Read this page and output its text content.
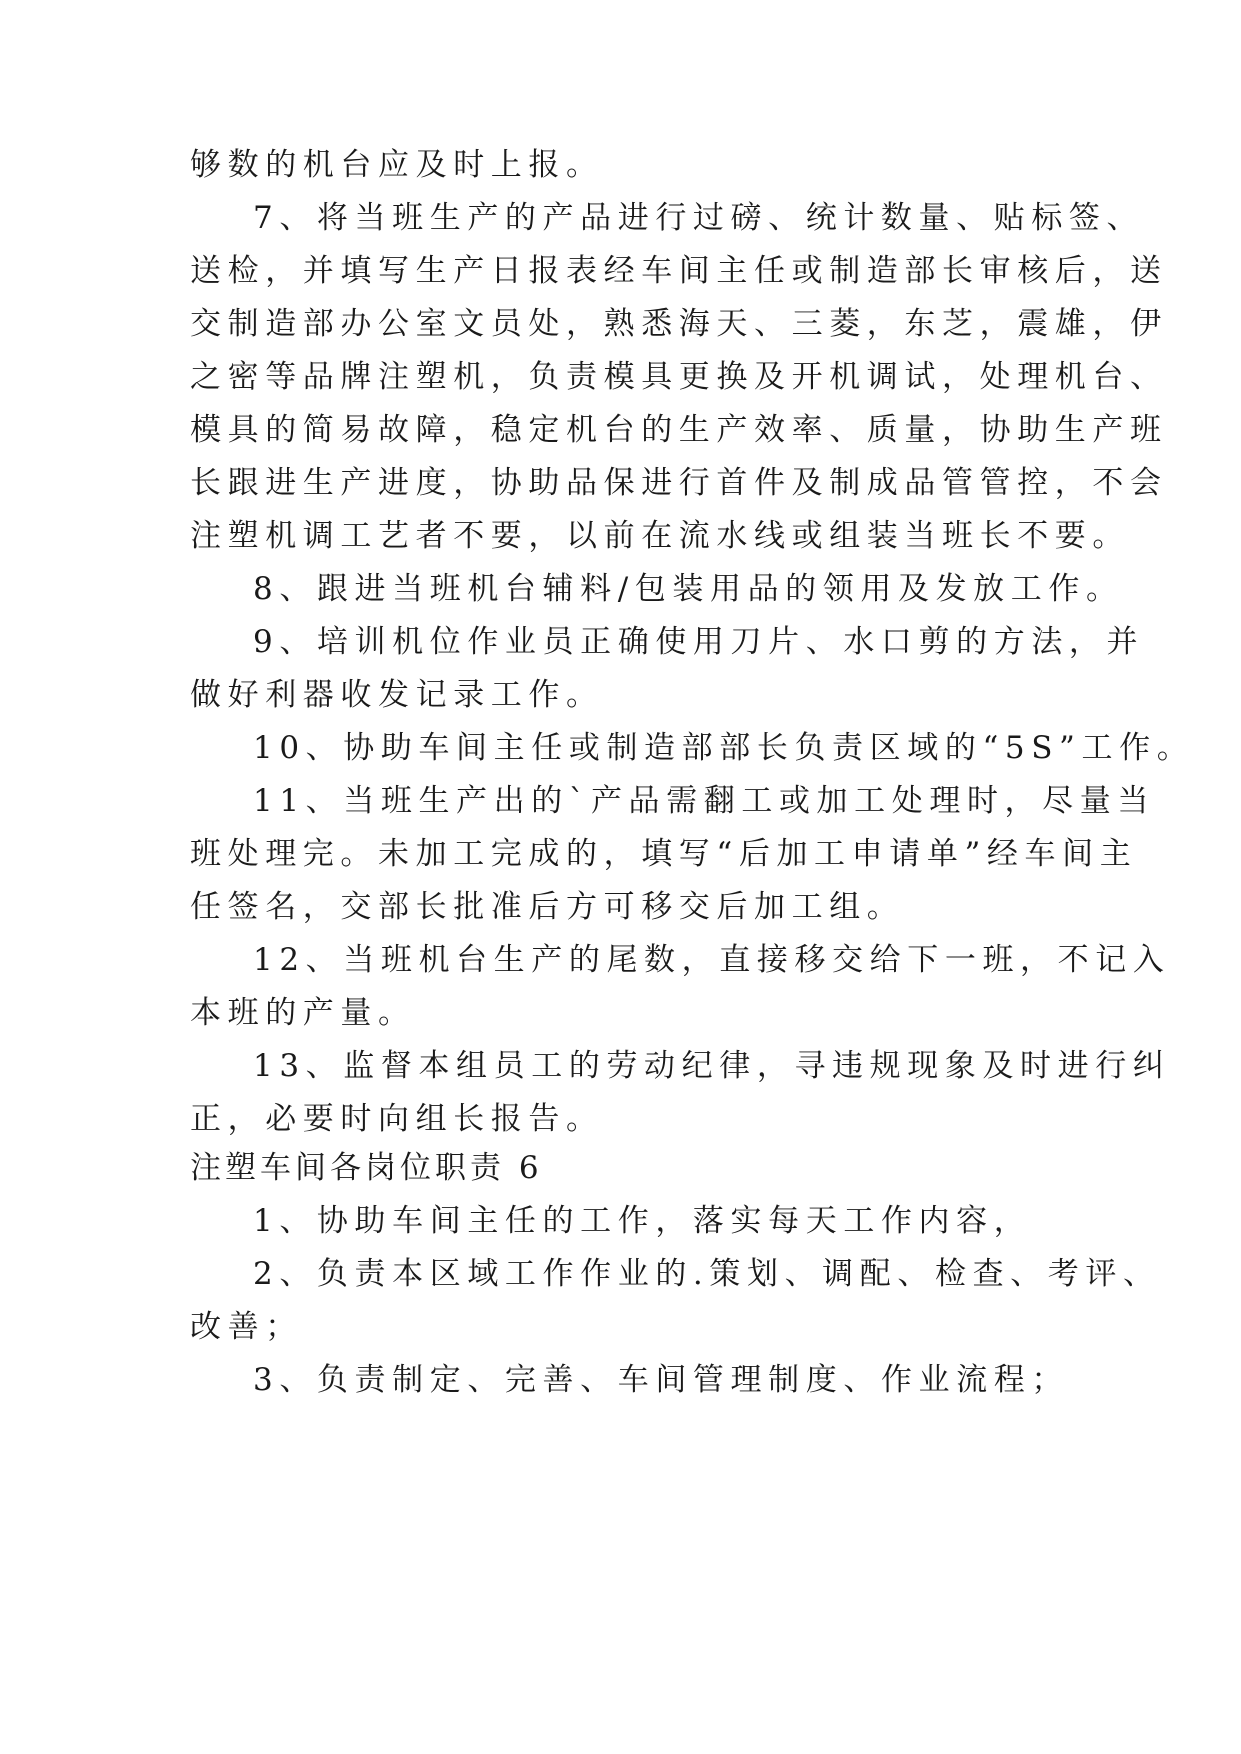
够数的机台应及时上报。

7、将当班生产的产品进行过磅、统计数量、贴标签、

送检，并填写生产日报表经车间主任或制造部长审核后，送

交制造部办公室文员处，熟悉海天、三菱，东芝，震雄，伊

之密等品牌注塑机，负责模具更换及开机调试，处理机台、

模具的简易故障，稳定机台的生产效率、质量，协助生产班

长跟进生产进度，协助品保进行首件及制成品管管控，不会

注塑机调工艺者不要，以前在流水线或组装当班长不要。

8、跟进当班机台辅料/包装用品的领用及发放工作。

9、培训机位作业员正确使用刀片、水口剪的方法，并

做好利器收发记录工作。

10、协助车间主任或制造部部长负责区域的“5S”工作。

11、当班生产出的`产品需翻工或加工处理时，尽量当

班处理完。未加工完成的，填写“后加工申请单”经车间主

任签名，交部长批准后方可移交后加工组。

12、当班机台生产的尾数，直接移交给下一班，不记入

本班的产量。

13、监督本组员工的劳动纪律，寻违规现象及时进行纠

正，必要时向组长报告。

注塑车间各岗位职责 6

1、协助车间主任的工作，落实每天工作内容，

2、负责本区域工作作业的.策划、调配、检查、考评、

改善；

3、负责制定、完善、车间管理制度、作业流程；
